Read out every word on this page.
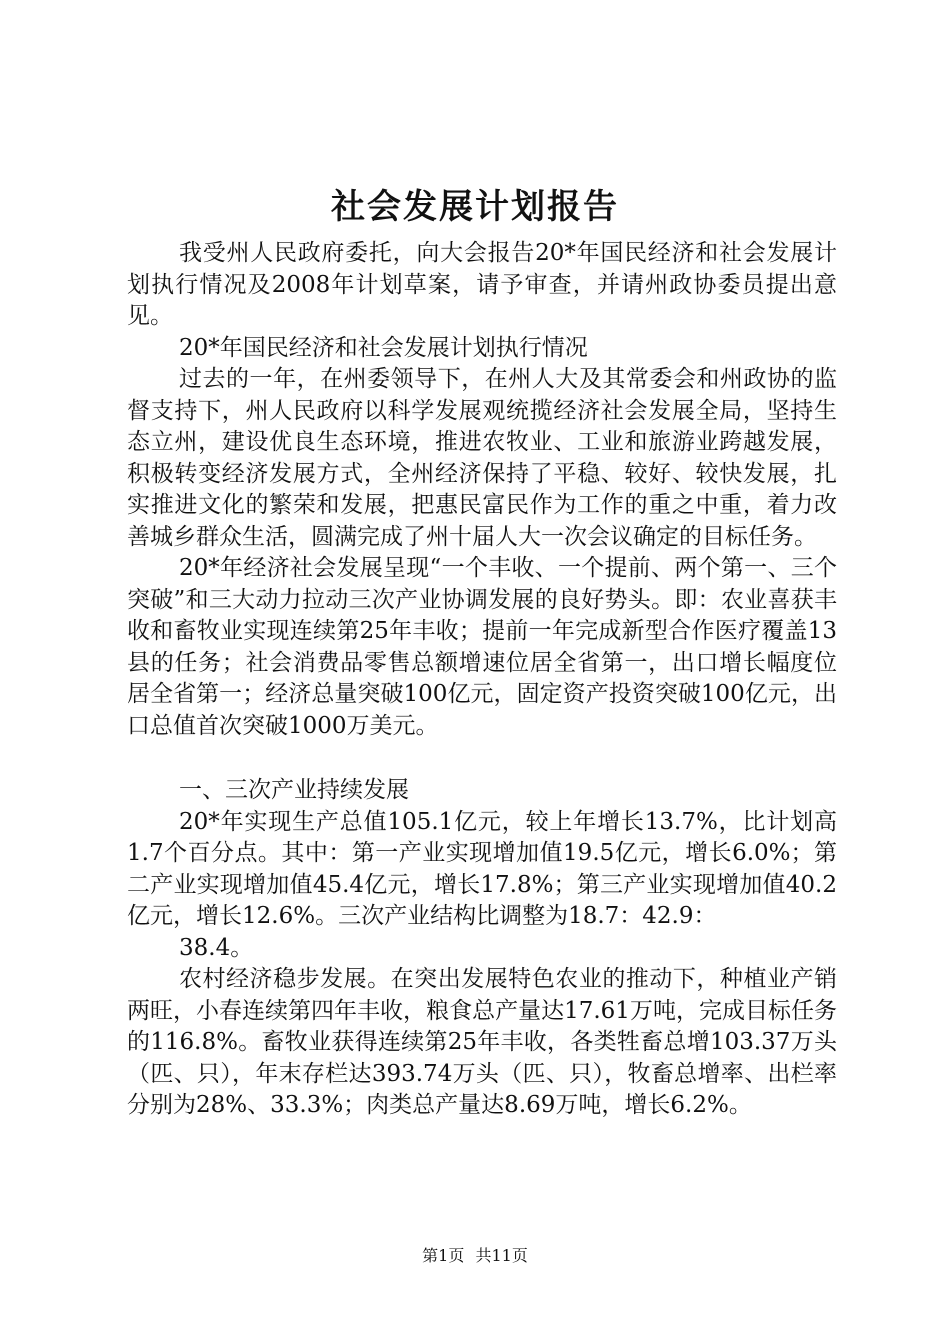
社会发展计划报告

我受州人民政府委托，向大会报告20*年国民经济和社会发展计划执行情况及2008年计划草案，请予审查，并请州政协委员提出意见。

20*年国民经济和社会发展计划执行情况

过去的一年，在州委领导下，在州人大及其常委会和州政协的监督支持下，州人民政府以科学发展观统揽经济社会发展全局，坚持生态立州，建设优良生态环境，推进农牧业、工业和旅游业跨越发展，积极转变经济发展方式，全州经济保持了平稳、较好、较快发展，扎实推进文化的繁荣和发展，把惠民富民作为工作的重之中重，着力改善城乡群众生活，圆满完成了州十届人大一次会议确定的目标任务。

20*年经济社会发展呈现“一个丰收、一个提前、两个第一、三个突破”和三大动力拉动三次产业协调发展的良好势头。即：农业喜获丰收和畜牧业实现连续第25年丰收；提前一年完成新型合作医疗覆盖13县的任务；社会消费品零售总额增速位居全省第一，出口增长幅度位居全省第一；经济总量突破100亿元，固定资产投资突破100亿元，出口总值首次突破1000万美元。

一、三次产业持续发展

20*年实现生产总值105.1亿元，较上年增长13.7%，比计划高1.7个百分点。其中：第一产业实现增加值19.5亿元，增长6.0%；第二产业实现增加值45.4亿元，增长17.8%；第三产业实现增加值40.2亿元，增长12.6%。三次产业结构比调整为18.7：42.9：

38.4。

农村经济稳步发展。在突出发展特色农业的推动下，种植业产销两旺，小春连续第四年丰收，粮食总产量达17.61万吨，完成目标任务的116.8%。畜牧业获得连续第25年丰收，各类牲畜总增103.37万头（匹、只），年末存栏达393.74万头（匹、只），牧畜总增率、出栏率分别为28%、33.3%；肉类总产量达8.69万吨，增长6.2%。

第1页 共11页
